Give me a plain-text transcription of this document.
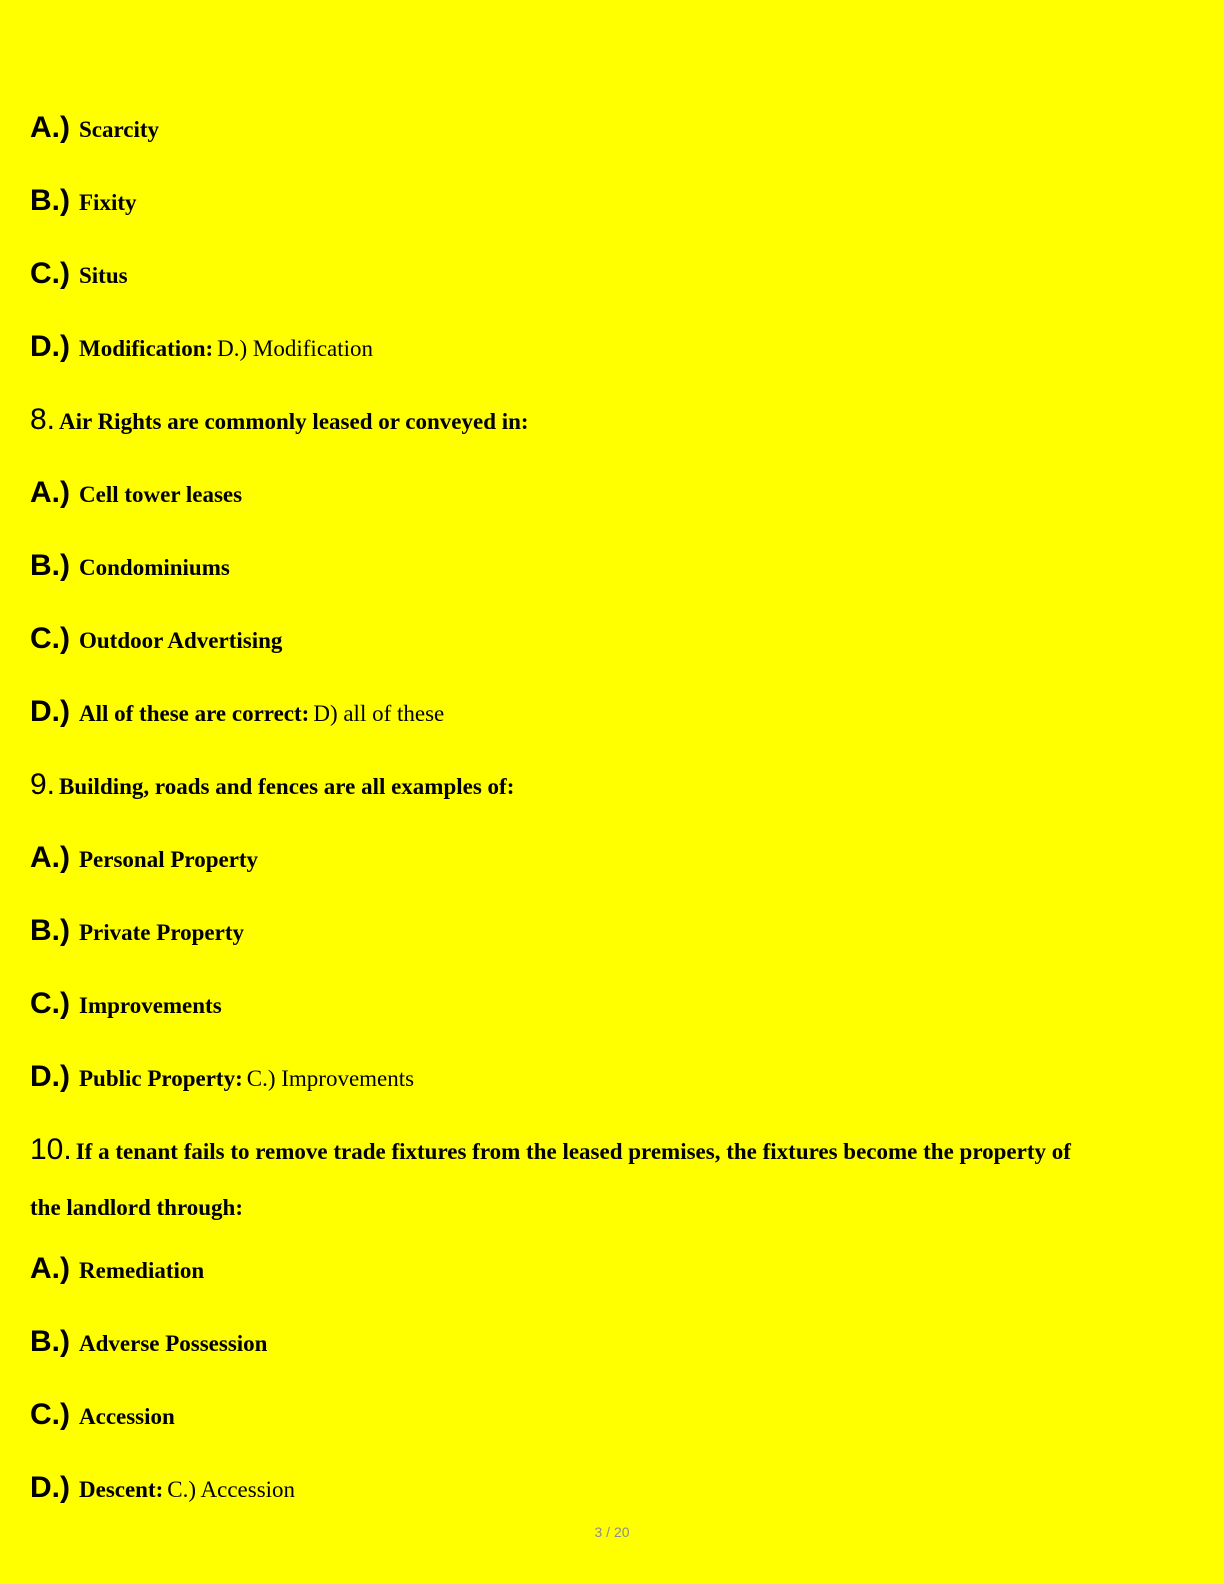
A.) Scarcity
B.) Fixity
C.) Situs
D.) Modification: D.) Modification
8. Air Rights are commonly leased or conveyed in:
A.) Cell tower leases
B.) Condominiums
C.) Outdoor Advertising
D.) All of these are correct: D) all of these
9. Building, roads and fences are all examples of:
A.) Personal Property
B.) Private Property
C.) Improvements
D.) Public Property: C.) Improvements
10. If a tenant fails to remove trade fixtures from the leased premises, the fixtures become the property of
the landlord through:
A.) Remediation
B.) Adverse Possession
C.) Accession
D.) Descent: C.) Accession
3 / 20
